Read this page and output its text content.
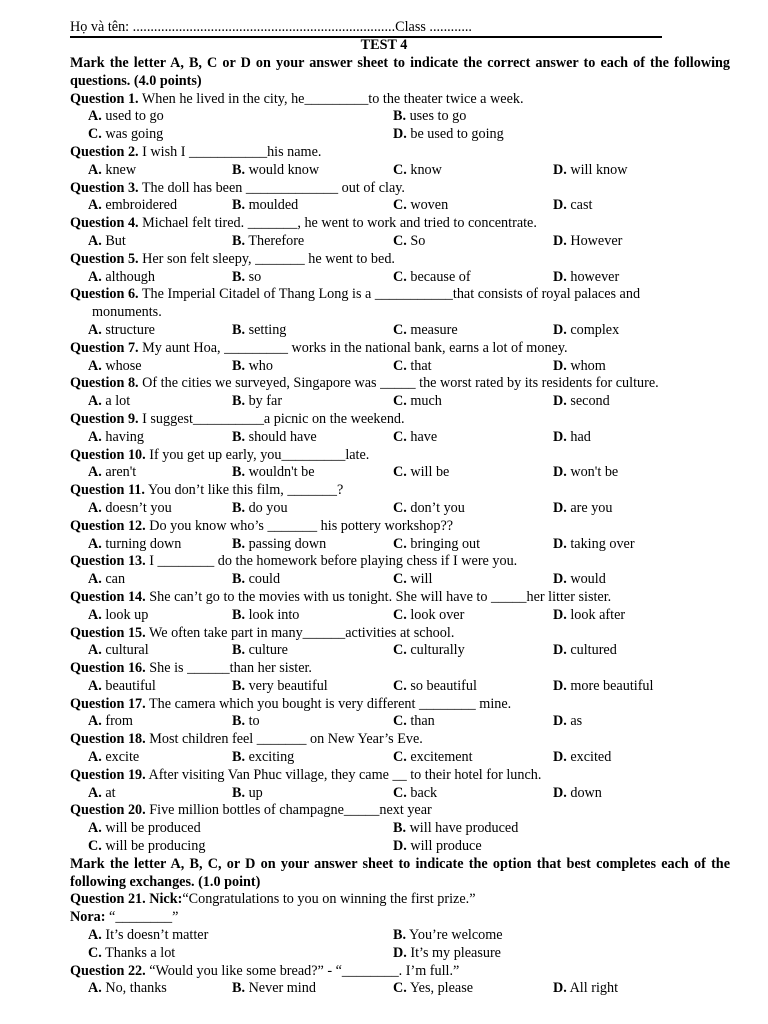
Họ và tên: ..........................................................................Class ............
TEST 4
Mark the letter A, B, C or D on your answer sheet to indicate the correct answer to each of the following questions. (4.0 points)
Question 1. When he lived in the city, he_________to the theater twice a week.
A. used to go	B. uses to go
C. was going	D. be used to going
Question 2. I wish I ___________his name.
A. knew	B. would know	C. know	D. will know
Question 3. The doll has been _____________ out of clay.
A. embroidered	B. moulded	C. woven	D. cast
Question 4. Michael felt tired. _______, he went to work and tried to concentrate.
A. But	B. Therefore	C. So	D. However
Question 5. Her son felt sleepy, _______ he went to bed.
A. although	B. so	C. because of	D. however
Question 6. The Imperial Citadel of Thang Long is a ___________that consists of royal palaces and
monuments.
A. structure	B. setting	C. measure	D. complex
Question 7. My aunt Hoa, _________ works in the national bank, earns a lot of money.
A. whose	B. who	C. that	D. whom
Question 8. Of the cities we surveyed, Singapore was _____ the worst rated by its residents for culture.
A. a lot	B. by far	C. much	D. second
Question 9. I suggest__________a picnic on the weekend.
A. having	B. should have	C. have	D. had
Question 10. If you get up early, you_________late.
A. aren't	B. wouldn't be	C. will be	D. won't be
Question 11. You don’t like this film, _______?
A. doesn’t you	B. do you	C. don’t you	D. are you
Question 12. Do you know who’s _______ his pottery workshop??
A. turning down	B. passing down	C. bringing out	D. taking over
Question 13. I ________ do the homework before playing chess if I were you.
A. can	B. could	C. will	D. would
Question 14. She can’t go to the movies with us tonight. She will have to _____her litter sister.
A. look up	B. look into	C. look over	D. look after
Question 15. We often take part in many______activities at school.
A. cultural	B. culture	C. culturally	D. cultured
Question 16. She is ______than her sister.
A. beautiful	B. very beautiful	C. so beautiful	D. more beautiful
Question 17. The camera which you bought is very different ________ mine.
A. from	B. to	C. than	D. as
Question 18. Most children feel _______ on New Year’s Eve.
A. excite	B. exciting	C. excitement	D. excited
Question 19. After visiting Van Phuc village, they came __ to their hotel for lunch.
A. at	B. up	C. back	D. down
Question 20. Five million bottles of champagne_____next year
A. will be produced	B. will have produced
C. will be producing	D. will produce
Mark the letter A, B, C, or D on your answer sheet to indicate the option that best completes each of the following exchanges. (1.0 point)
Question 21. Nick:“Congratulations to you on winning the first prize.”
Nora: “________”
A. It’s doesn’t matter	B. You’re welcome
C. Thanks a lot	D. It’s my pleasure
Question 22. “Would you like some bread?” - “________. I’m full.”
A. No, thanks	B. Never mind	C. Yes, please	D. All right
